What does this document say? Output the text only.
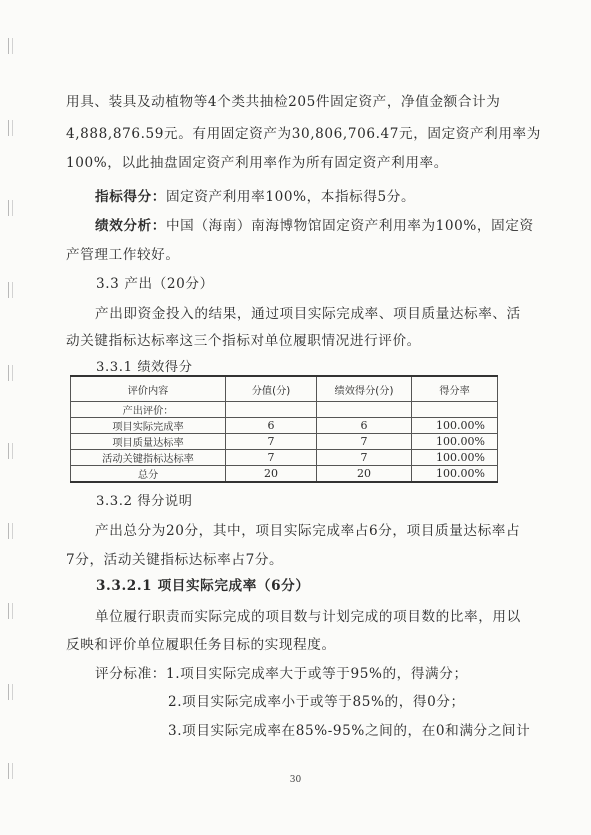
用具、装具及动植物等4个类共抽检205件固定资产，净值金额合计为
4,888,876.59元。有用固定资产为30,806,706.47元，固定资产利用率为
100%，以此抽盘固定资产利用率作为所有固定资产利用率。
指标得分：固定资产利用率100%，本指标得5分。
绩效分析：中国（海南）南海博物馆固定资产利用率为100%，固定资
产管理工作较好。
3.3 产出（20分）
产出即资金投入的结果，通过项目实际完成率、项目质量达标率、活
动关键指标达标率这三个指标对单位履职情况进行评价。
3.3.1 绩效得分
评价内容	分值(分)	绩效得分(分)	得分率
产出评价：			
项目实际完成率	6	6	100.00%
项目质量达标率	7	7	100.00%
活动关键指标达标率	7	7	100.00%
总分	20	20	100.00%
3.3.2 得分说明
产出总分为20分，其中，项目实际完成率占6分，项目质量达标率占
7分，活动关键指标达标率占7分。
3.3.2.1 项目实际完成率（6分）
单位履行职责而实际完成的项目数与计划完成的项目数的比率，用以
反映和评价单位履职任务目标的实现程度。
评分标准：1.项目实际完成率大于或等于95%的，得满分；
2.项目实际完成率小于或等于85%的，得0分；
3.项目实际完成率在85%-95%之间的，在0和满分之间计
30
